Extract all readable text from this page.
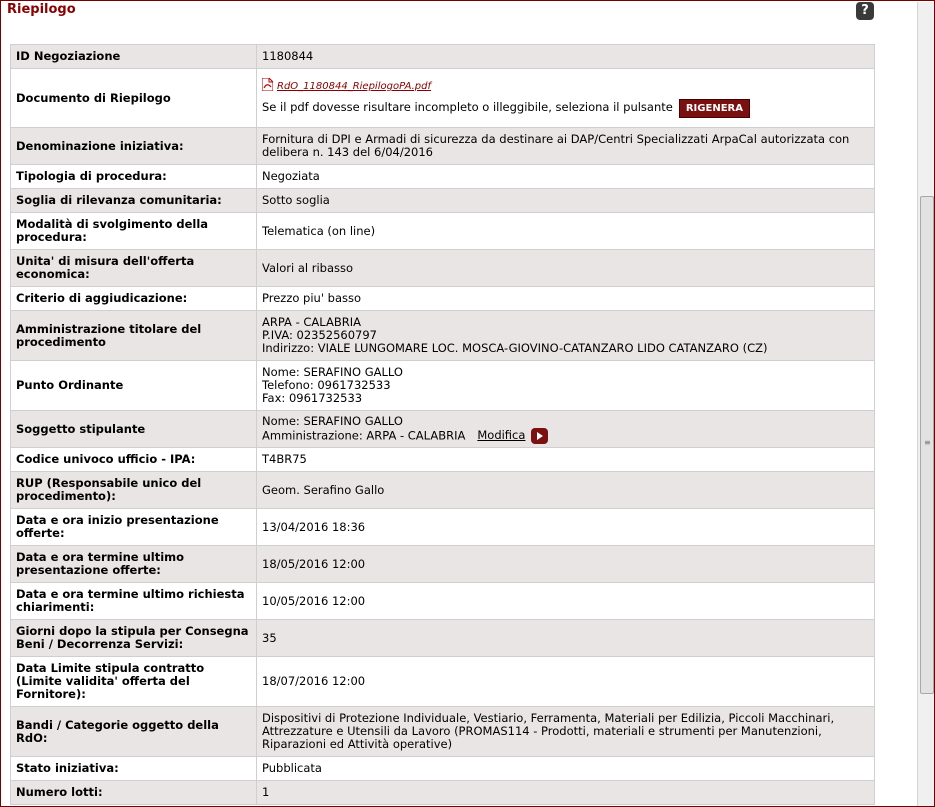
Riepilogo	?
ID Negoziazione	1180844
Documento di Riepilogo	RdO_1180844_RiepilogoPA.pdf
Se il pdf dovesse risultare incompleto o illeggibile, seleziona il pulsante RIGENERA

Denominazione iniziativa:	Fornitura di DPI e Armadi di sicurezza da destinare ai DAP/Centri Specializzati ArpaCal autorizzata con delibera n. 143 del 6/04/2016
Tipologia di procedura:	Negoziata
Soglia di rilevanza comunitaria:	Sotto soglia
Modalità di svolgimento della procedura:	Telematica (on line)
Unita' di misura dell'offerta economica:	Valori al ribasso
Criterio di aggiudicazione:	Prezzo piu' basso
Amministrazione titolare del procedimento	ARPA - CALABRIA
P.IVA: 02352560797
Indirizzo: VIALE LUNGOMARE LOC. MOSCA-GIOVINO-CATANZARO LIDO CATANZARO (CZ)

Punto Ordinante	Nome: SERAFINO GALLO
Telefono: 0961732533
Fax: 0961732533

Soggetto stipulante	Nome: SERAFINO GALLO
Amministrazione: ARPA - CALABRIA Modifica

Codice univoco ufficio - IPA:	T4BR75
RUP (Responsabile unico del procedimento):	Geom. Serafino Gallo
Data e ora inizio presentazione offerte:	13/04/2016 18:36
Data e ora termine ultimo presentazione offerte:	18/05/2016 12:00
Data e ora termine ultimo richiesta chiarimenti:	10/05/2016 12:00
Giorni dopo la stipula per Consegna Beni / Decorrenza Servizi:	35
Data Limite stipula contratto (Limite validita' offerta del Fornitore):	18/07/2016 12:00
Bandi / Categorie oggetto della RdO:	Dispositivi di Protezione Individuale, Vestiario, Ferramenta, Materiali per Edilizia, Piccoli Macchinari, Attrezzature e Utensili da Lavoro (PROMAS114 - Prodotti, materiali e strumenti per Manutenzioni, Riparazioni ed Attività operative)
Stato iniziativa:	Pubblicata
Numero lotti:	1
≡
